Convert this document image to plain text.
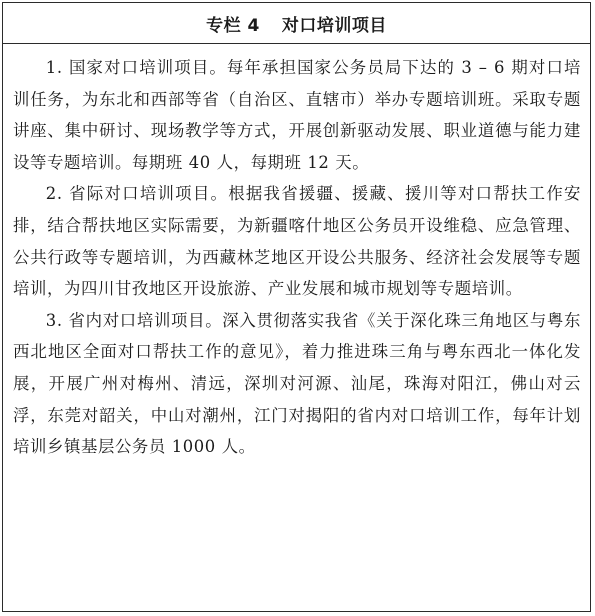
专栏 4 对口培训项目

1. 国家对口培训项目。每年承担国家公务员局下达的 3 – 6 期对口培训任务，为东北和西部等省（自治区、直辖市）举办专题培训班。采取专题讲座、集中研讨、现场教学等方式，开展创新驱动发展、职业道德与能力建设等专题培训。每期班 40 人，每期班 12 天。

2. 省际对口培训项目。根据我省援疆、援藏、援川等对口帮扶工作安排，结合帮扶地区实际需要，为新疆喀什地区公务员开设维稳、应急管理、公共行政等专题培训，为西藏林芝地区开设公共服务、经济社会发展等专题培训，为四川甘孜地区开设旅游、产业发展和城市规划等专题培训。

3. 省内对口培训项目。深入贯彻落实我省《关于深化珠三角地区与粤东西北地区全面对口帮扶工作的意见》，着力推进珠三角与粤东西北一体化发展，开展广州对梅州、清远，深圳对河源、汕尾，珠海对阳江，佛山对云浮，东莞对韶关，中山对潮州，江门对揭阳的省内对口培训工作，每年计划培训乡镇基层公务员 1000 人。
